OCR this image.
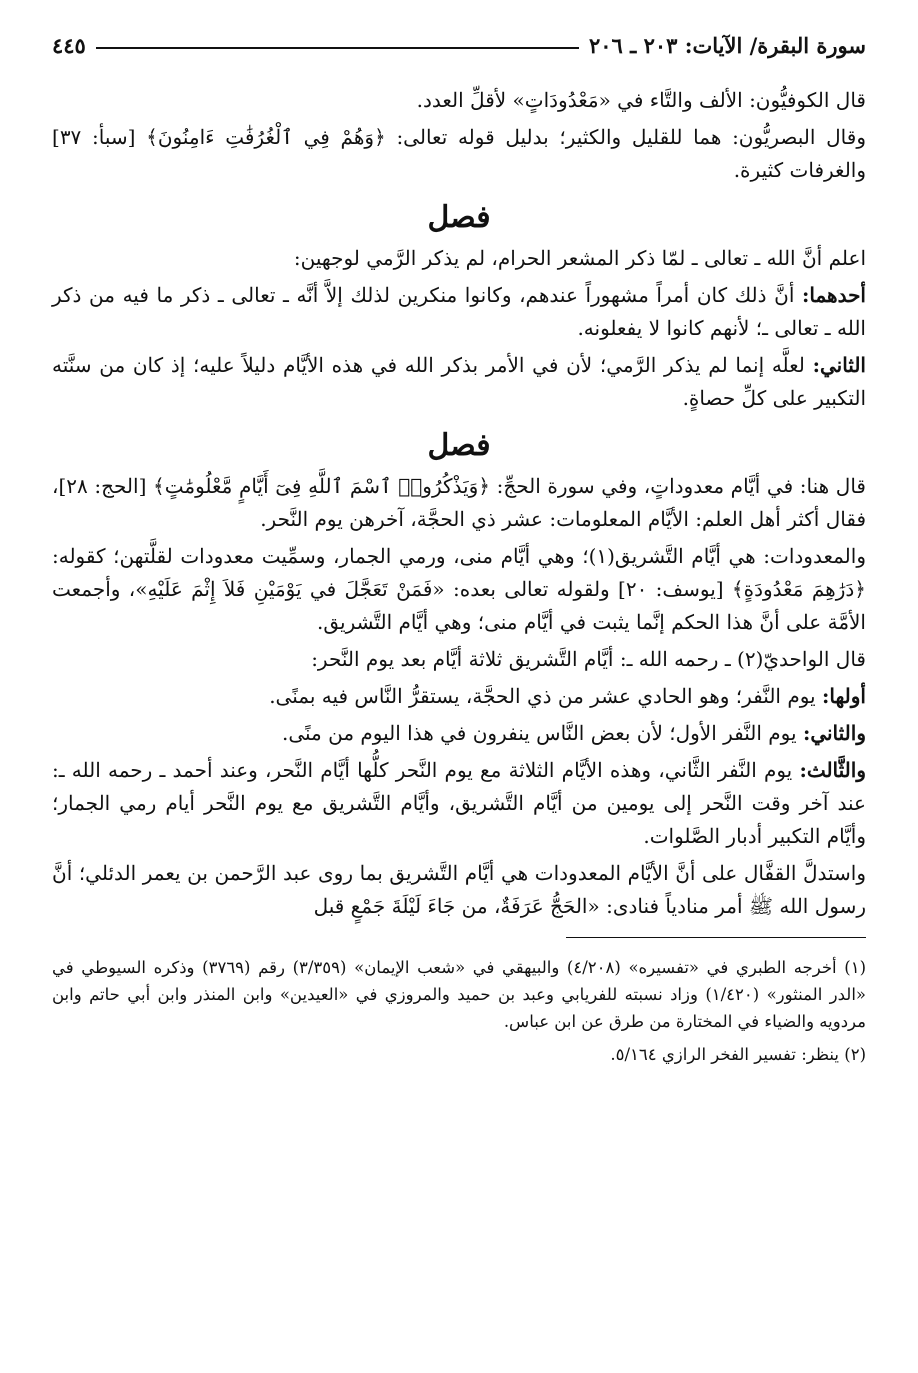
سورة البقرة/ الآيات: ٢٠٣ ـ ٢٠٦
٤٤٥

قال الكوفيُّون: الألف والتَّاء في «مَعْدُودَاتٍ» لأقلِّ العدد.

وقال البصريُّون: هما للقليل والكثير؛ بدليل قوله تعالى: ﴿وَهُمْ فِي ٱلْغُرُفَٰتِ ءَامِنُونَ﴾ [سبأ: ٣٧] والغرفات كثيرة.

فصل

اعلم أنَّ الله ـ تعالى ـ لمّا ذكر المشعر الحرام، لم يذكر الرَّمي لوجهين:

أحدهما: أنَّ ذلك كان أمراً مشهوراً عندهم، وكانوا منكرين لذلك إلاَّ أنَّه ـ تعالى ـ ذكر ما فيه من ذكر الله ـ تعالى ـ؛ لأنهم كانوا لا يفعلونه.

الثاني: لعلَّه إنما لم يذكر الرَّمي؛ لأن في الأمر بذكر الله في هذه الأيَّام دليلاً عليه؛ إذ كان من سنَّته التكبير على كلِّ حصاةٍ.

فصل

قال هنا: في أيَّام معدوداتٍ، وفي سورة الحجِّ: ﴿وَيَذْكُرُوا۟ ٱسْمَ ٱللَّهِ فِىٓ أَيَّامٍ مَّعْلُومَٰتٍ﴾ [الحج: ٢٨]، فقال أكثر أهل العلم: الأيَّام المعلومات: عشر ذي الحجَّة، آخرهن يوم النَّحر.

والمعدودات: هي أيَّام التَّشريق(١)؛ وهي أيَّام منى، ورمي الجمار، وسمِّيت معدودات لقلَّتهن؛ كقوله: ﴿دَرَٰهِمَ مَعْدُودَةٍ﴾ [يوسف: ٢٠] ولقوله تعالى بعده: «فَمَنْ تَعَجَّلَ في يَوْمَيْنِ فَلاَ إِثْمَ عَلَيْهِ»، وأجمعت الأمَّة على أنَّ هذا الحكم إنَّما يثبت في أيَّام منى؛ وهي أيَّام التَّشريق.

قال الواحديّ(٢) ـ رحمه الله ـ: أيَّام التَّشريق ثلاثة أيَّام بعد يوم النَّحر:

أولها: يوم النَّفر؛ وهو الحادي عشر من ذي الحجَّة، يستقرُّ النَّاس فيه بمنًى.

والثاني: يوم النَّفر الأول؛ لأن بعض النَّاس ينفرون في هذا اليوم من منًى.

والثَّالث: يوم النَّفر الثَّاني، وهذه الأيَّام الثلاثة مع يوم النَّحر كلُّها أيَّام النَّحر، وعند أحمد ـ رحمه الله ـ: عند آخر وقت النَّحر إلى يومين من أيَّام التَّشريق، وأيَّام التَّشريق مع يوم النَّحر أيام رمي الجمار؛ وأيَّام التكبير أدبار الصَّلوات.

واستدلَّ القفَّال على أنَّ الأيَّام المعدودات هي أيَّام التَّشريق بما روى عبد الرَّحمن بن يعمر الدئلي؛ أنَّ رسول الله ﷺ أمر منادياً فنادى: «الحَجُّ عَرَفَةٌ، من جَاءَ لَيْلَةَ جَمْعٍ قبل

(١) أخرجه الطبري في «تفسيره» (٤/٢٠٨) والبيهقي في «شعب الإيمان» (٣/٣٥٩) رقم (٣٧٦٩) وذكره السيوطي في «الدر المنثور» (١/٤٢٠) وزاد نسبته للفريابي وعبد بن حميد والمروزي في «العيدين» وابن المنذر وابن أبي حاتم وابن مردويه والضياء في المختارة من طرق عن ابن عباس.

(٢) ينظر: تفسير الفخر الرازي ٥/١٦٤.
